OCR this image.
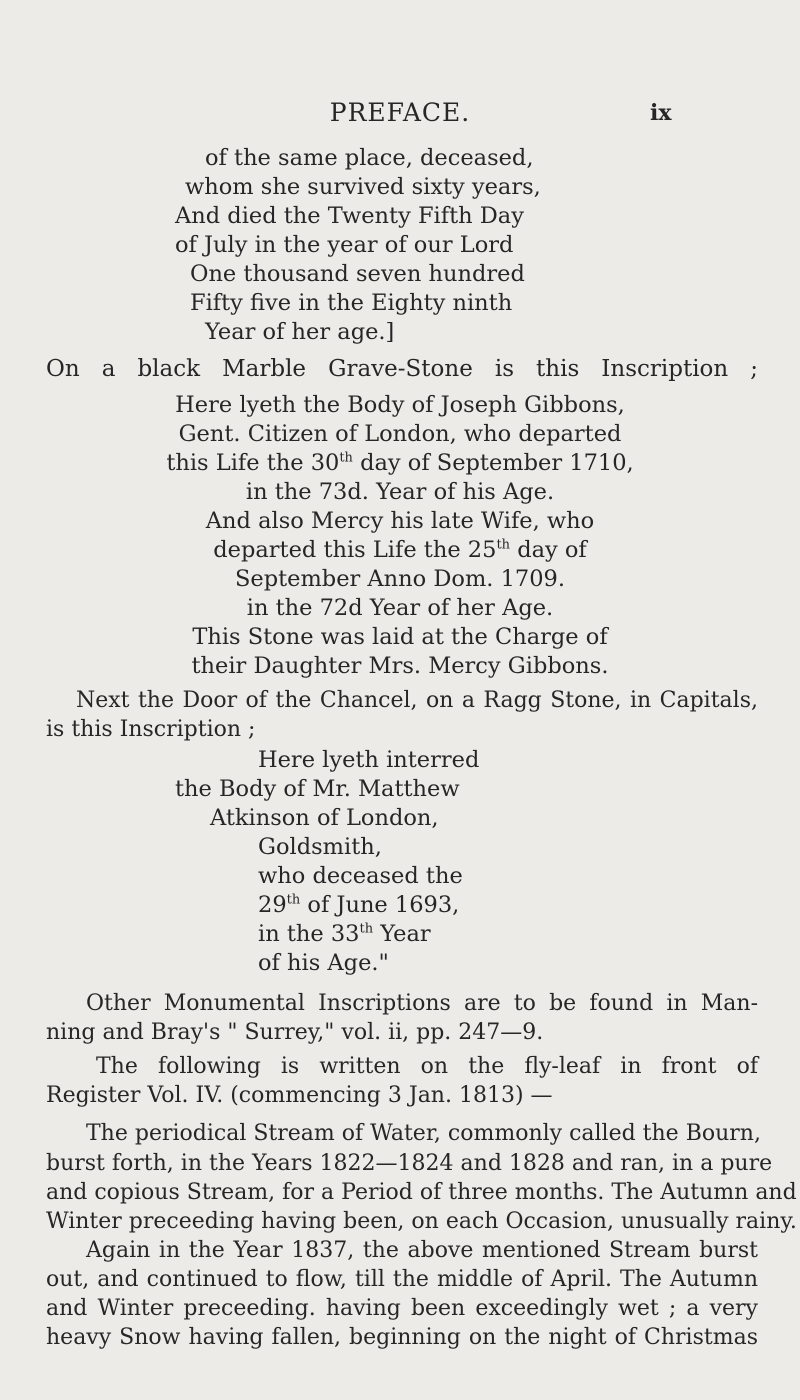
PREFACE.	ix
of the same place, deceased,
whom she survived sixty years,
And died the Twenty Fifth Day
of July in the year of our Lord
One thousand seven hundred
Fifty five in the Eighty ninth
Year of her age.]
On a black Marble Grave-Stone is this Inscription ;
Here lyeth the Body of Joseph Gibbons,
Gent. Citizen of London, who departed
this Life the 30th day of September 1710,
in the 73d. Year of his Age.
And also Mercy his late Wife, who
departed this Life the 25th day of
September Anno Dom. 1709.
in the 72d Year of her Age.
This Stone was laid at the Charge of
their Daughter Mrs. Mercy Gibbons.
Next the Door of the Chancel, on a Ragg Stone, in Capitals,
is this Inscription ;
Here lyeth interred
the Body of Mr. Matthew
Atkinson of London,
Goldsmith,
who deceased the
29th of June 1693,
in the 33th Year
of his Age."
Other Monumental Inscriptions are to be found in Man-
ning and Bray's " Surrey," vol. ii, pp. 247—9.
The following is written on the fly-leaf in front of
Register Vol. IV. (commencing 3 Jan. 1813) —
The periodical Stream of Water, commonly called the Bourn,
burst forth, in the Years 1822—1824 and 1828 and ran, in a pure
and copious Stream, for a Period of three months. The Autumn and
Winter preceeding having been, on each Occasion, unusually rainy.
Again in the Year 1837, the above mentioned Stream burst
out, and continued to flow, till the middle of April. The Autumn
and Winter preceeding. having been exceedingly wet ; a very
heavy Snow having fallen, beginning on the night of Christmas
